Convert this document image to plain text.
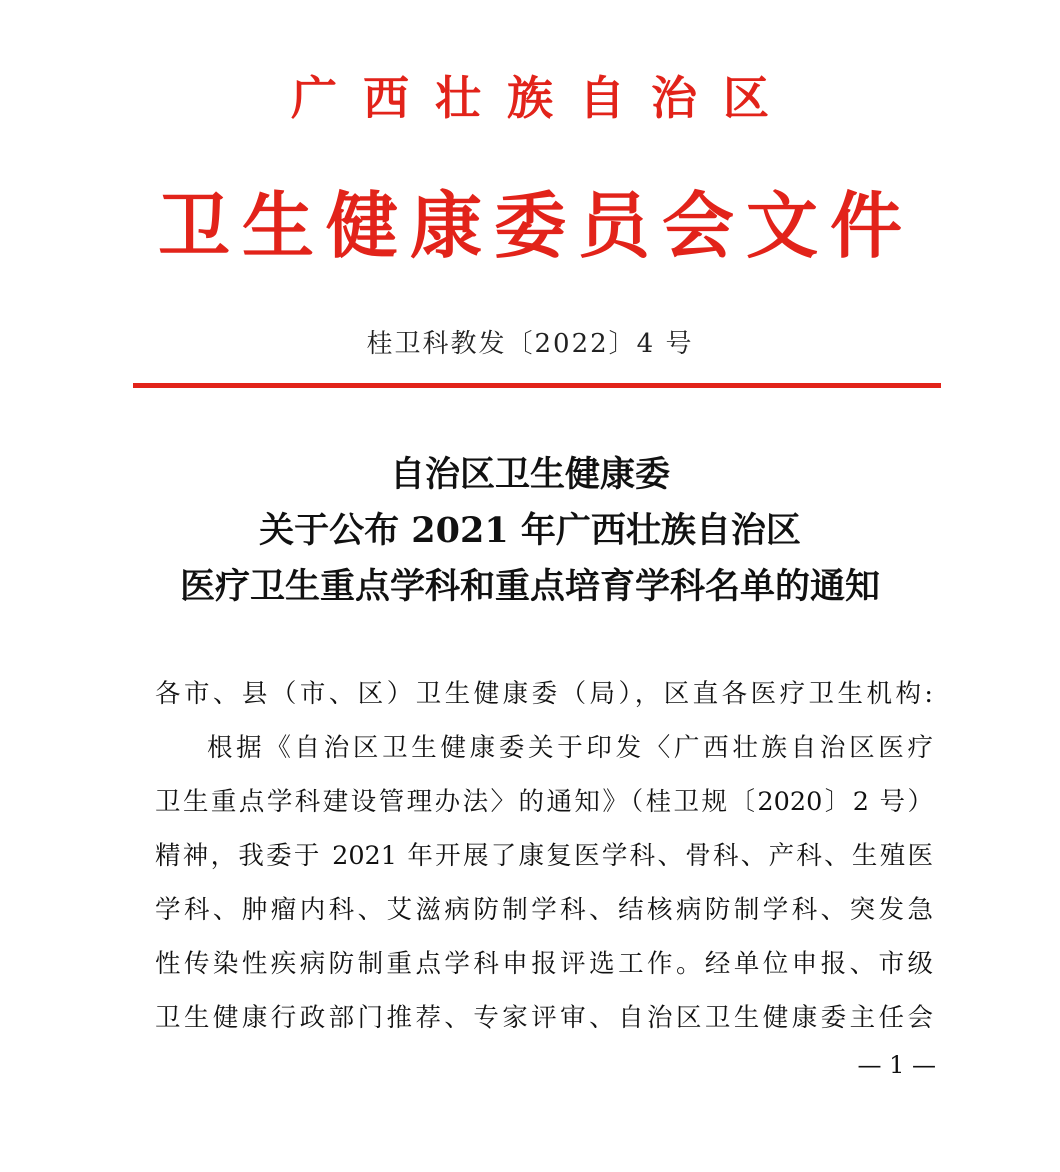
广西壮族自治区
卫生健康委员会文件
桂卫科教发〔2022〕4 号
自治区卫生健康委
关于公布 2021 年广西壮族自治区
医疗卫生重点学科和重点培育学科名单的通知
各市、县（市、区）卫生健康委（局），区直各医疗卫生机构:
根据《自治区卫生健康委关于印发〈广西壮族自治区医疗
卫生重点学科建设管理办法〉的通知》（桂卫规〔2020〕2 号）
精神，我委于 2021 年开展了康复医学科、骨科、产科、生殖医
学科、肿瘤内科、艾滋病防制学科、结核病防制学科、突发急
性传染性疾病防制重点学科申报评选工作。经单位申报、市级
卫生健康行政部门推荐、专家评审、自治区卫生健康委主任会
— 1 —
